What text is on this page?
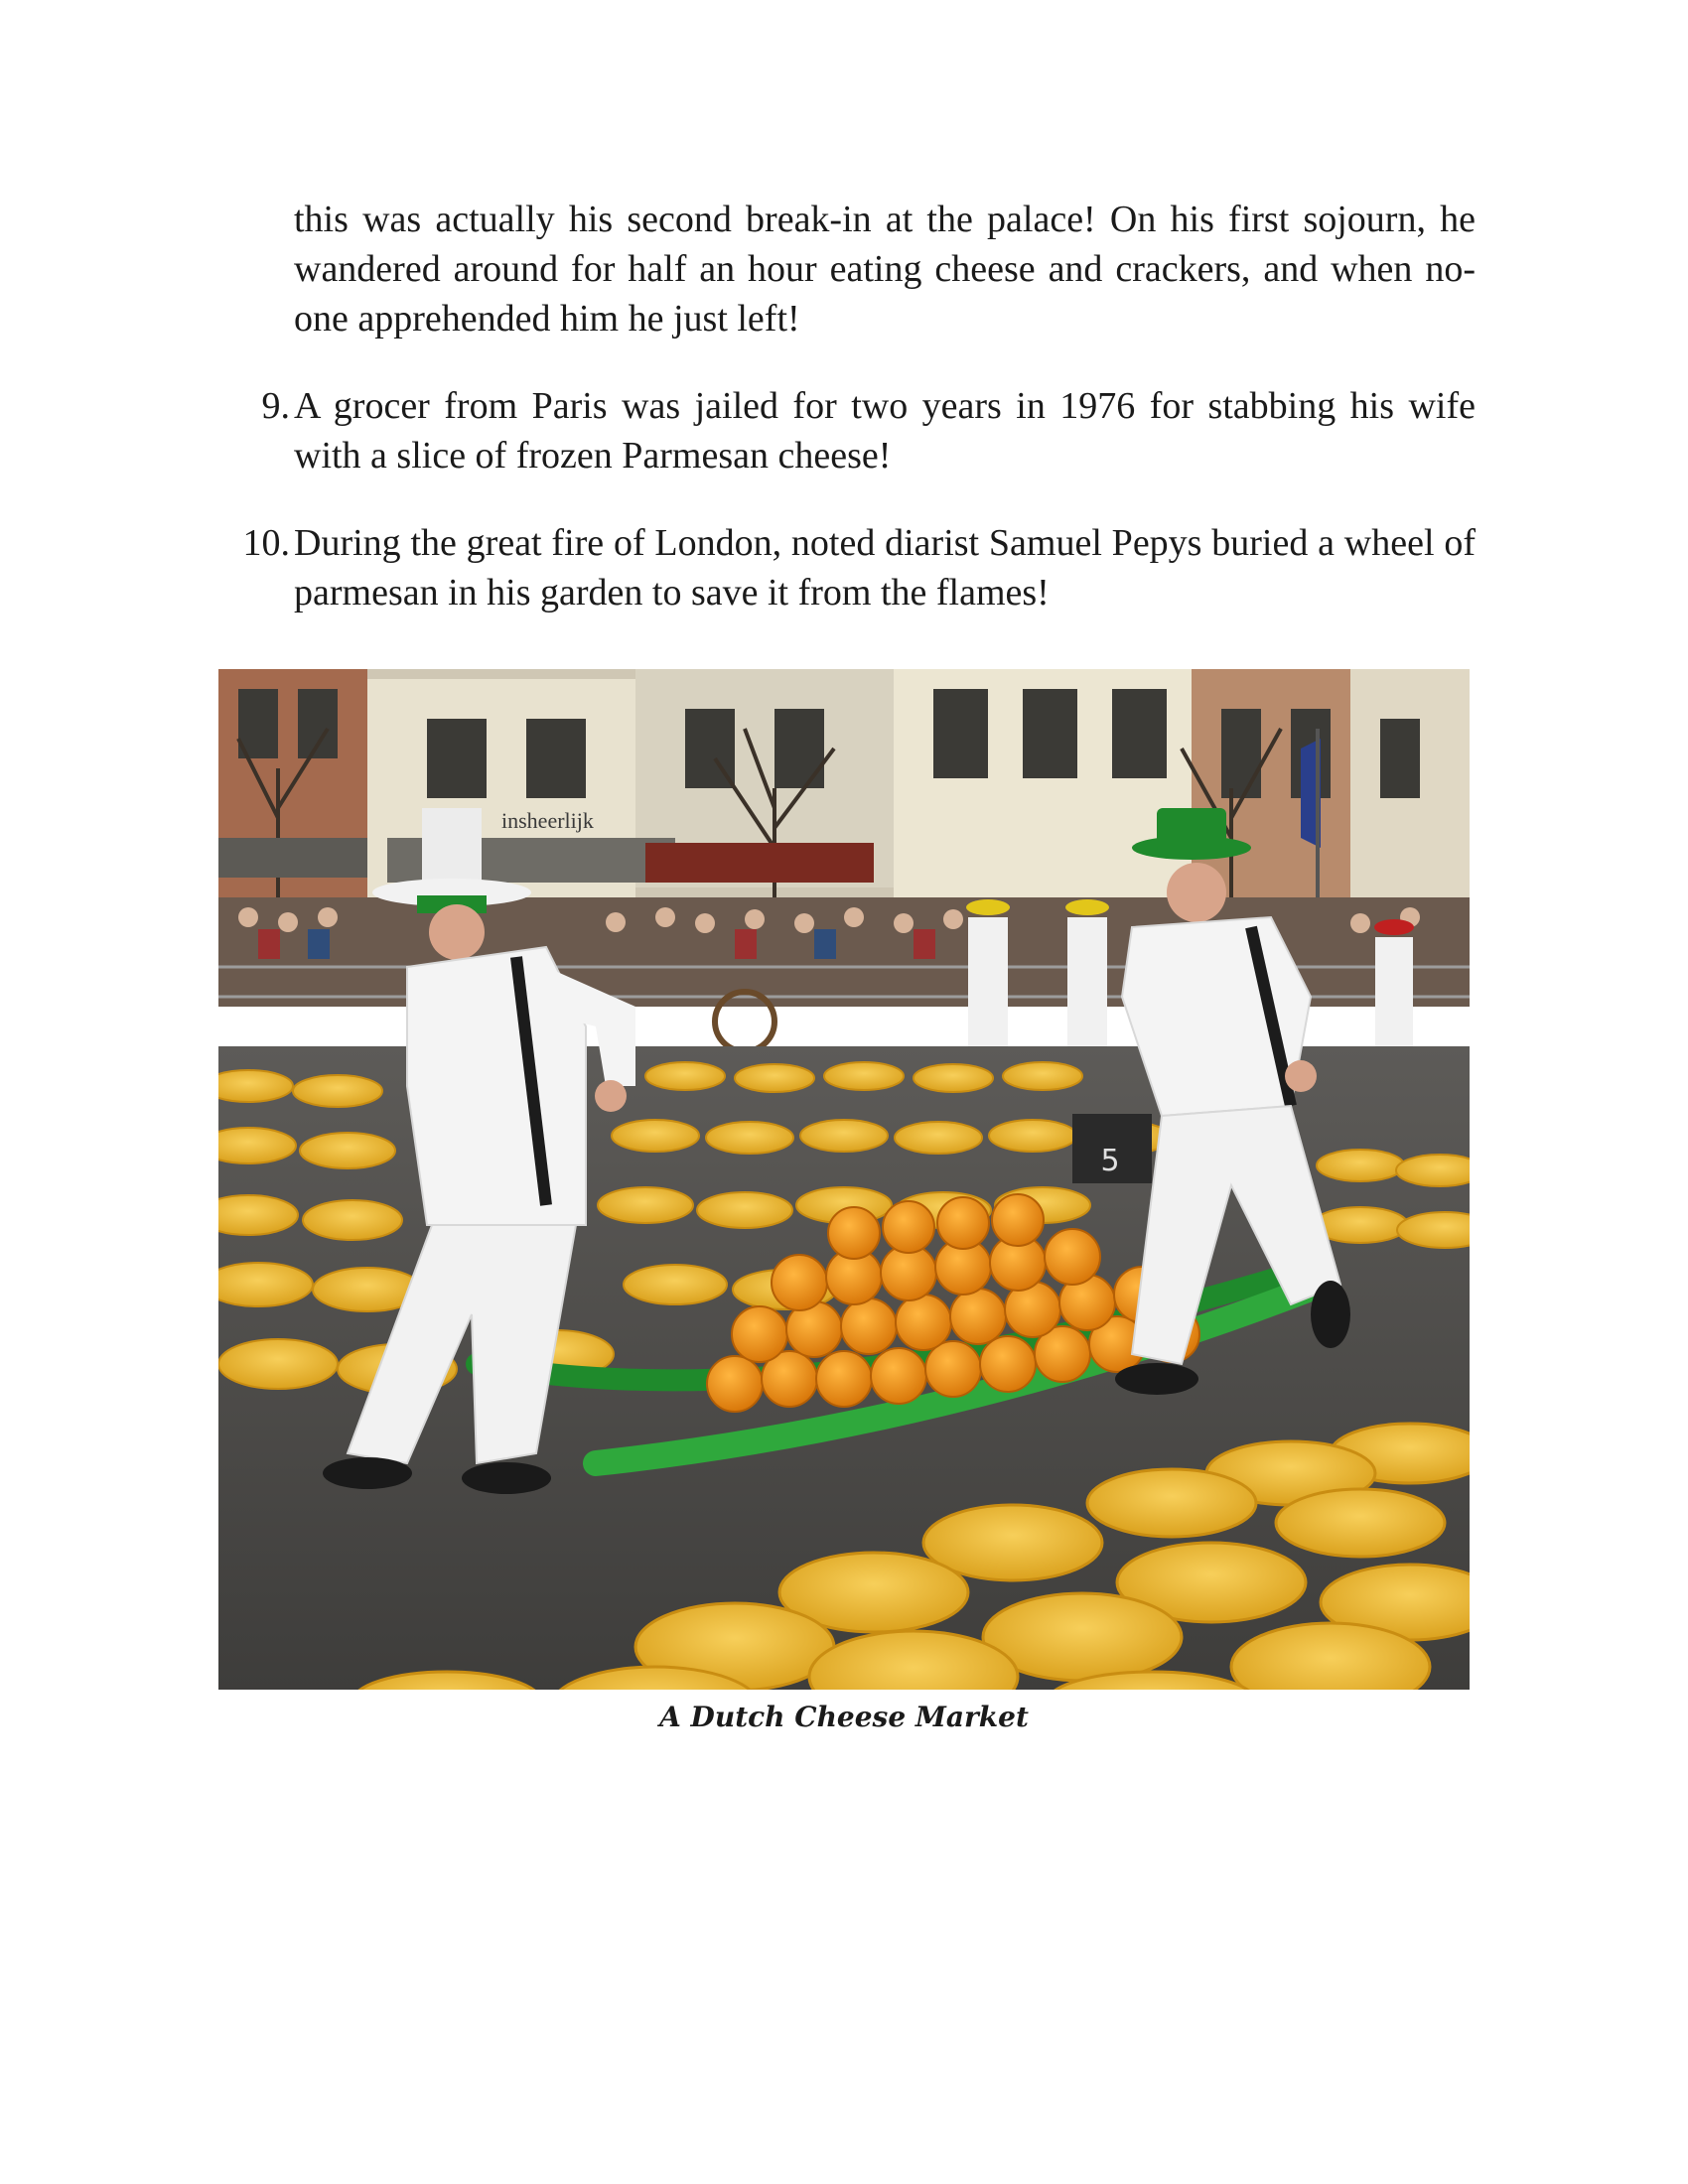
this was actually his second break-in at the palace! On his first sojourn, he wandered around for half an hour eating cheese and crackers, and when no-one apprehended him he just left!

9. A grocer from Paris was jailed for two years in 1976 for stabbing his wife with a slice of frozen Parmesan cheese!

10. During the great fire of London, noted diarist Samuel Pepys buried a wheel of parmesan in his garden to save it from the flames!

insheerlijk
5
A Dutch Cheese Market
